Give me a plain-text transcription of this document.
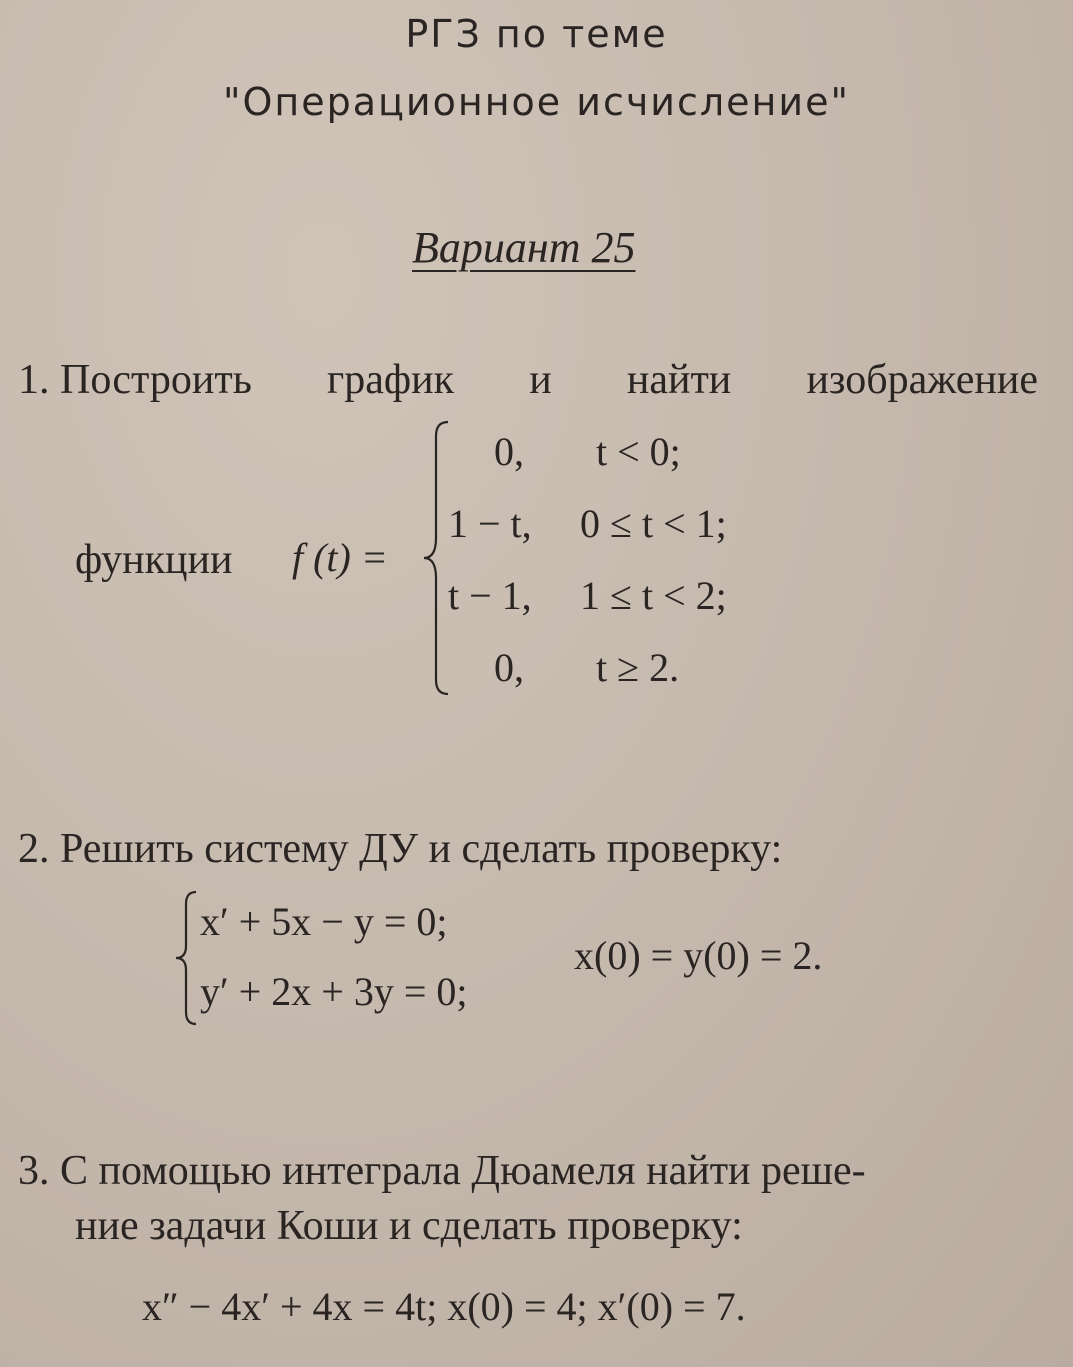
РГЗ по теме
"Операционное исчисление"
Вариант 25
1. Построить график и найти изображение
функции f (t) =
0, t < 0;
1 − t, 0 ≤ t < 1;
t − 1, 1 ≤ t < 2;
0, t ≥ 2.
2. Решить систему ДУ и сделать проверку:
x′ + 5x − y = 0;
y′ + 2x + 3y = 0;
x(0) = y(0) = 2.
3. С помощью интеграла Дюамеля найти реше-
ние задачи Коши и сделать проверку:
x″ − 4x′ + 4x = 4t; x(0) = 4; x′(0) = 7.
